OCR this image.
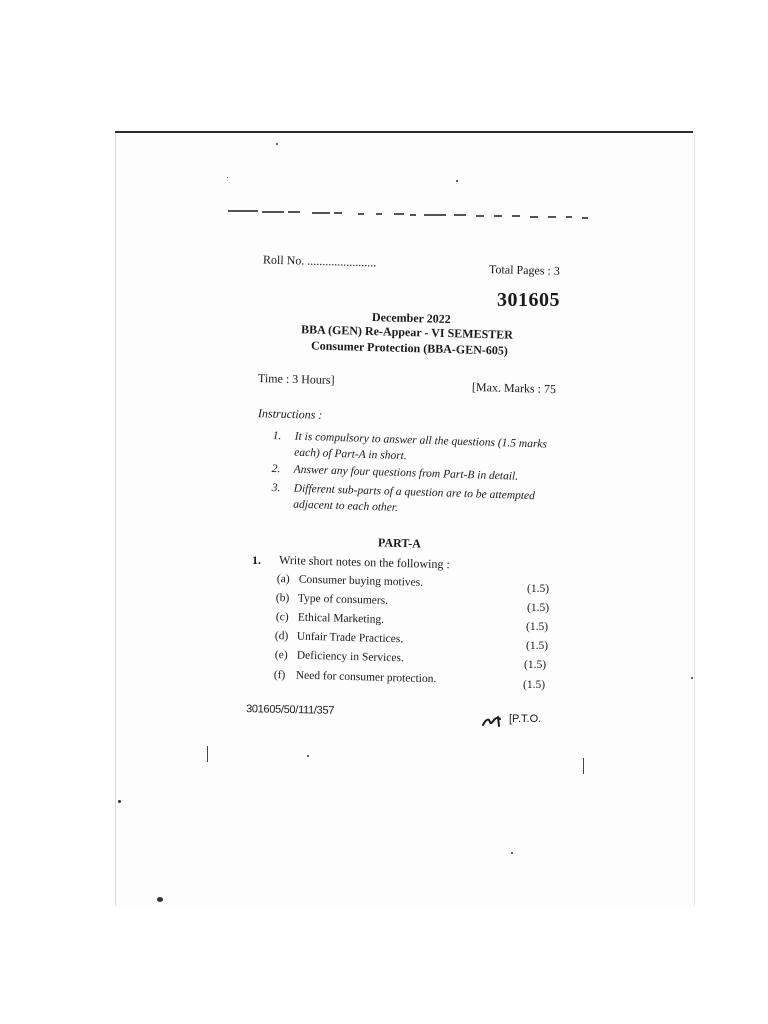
Roll No. .......................
Total Pages : 3
301605
December 2022
BBA (GEN) Re-Appear - VI SEMESTER
Consumer Protection (BBA-GEN-605)
Time : 3 Hours]
[Max. Marks : 75
Instructions :
1. It is compulsory to answer all the questions (1.5 marks each) of Part-A in short.
2. Answer any four questions from Part-B in detail.
3. Different sub-parts of a question are to be attempted adjacent to each other.
PART-A
1. Write short notes on the following :
(a) Consumer buying motives.
(1.5)
(b) Type of consumers.
(1.5)
(c) Ethical Marketing.
(1.5)
(d) Unfair Trade Practices.
(1.5)
(e) Deficiency in Services.
(1.5)
(f) Need for consumer protection.	(1.5)
301605/50/111/357
[P.T.O.
